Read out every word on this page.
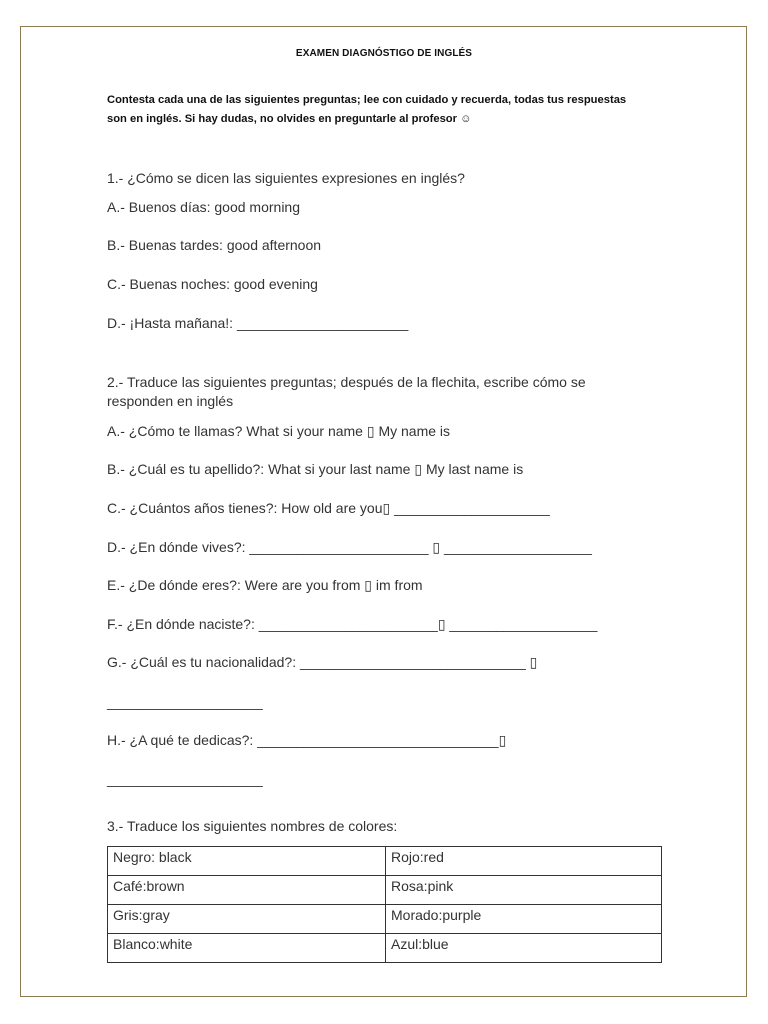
EXAMEN DIAGNÓSTIGO DE INGLÉS
Contesta cada una de las siguientes preguntas; lee con cuidado y recuerda, todas tus respuestas
son en inglés. Si hay dudas, no olvides en preguntarle al profesor ☺
1.- ¿Cómo se dicen las siguientes expresiones en inglés?
A.- Buenos días: good morning
B.- Buenas tardes: good afternoon
C.- Buenas noches: good evening
D.- ¡Hasta mañana!: ______________________
2.- Traduce las siguientes preguntas; después de la flechita, escribe cómo se
responden en inglés
A.- ¿Cómo te llamas? What si your name ▯ My name is
B.- ¿Cuál es tu apellido?: What si your last name ▯ My last name is
C.- ¿Cuántos años tienes?: How old are you▯ ____________________
D.- ¿En dónde vives?: _______________________ ▯ ___________________
E.- ¿De dónde eres?: Were are you from ▯ im from
F.- ¿En dónde naciste?: _______________________▯ ___________________
G.- ¿Cuál es tu nacionalidad?: _____________________________ ▯
____________________
H.- ¿A qué te dedicas?: _______________________________▯
____________________
3.- Traduce los siguientes nombres de colores:
Negro: black	Rojo:red
Café:brown	Rosa:pink
Gris:gray	Morado:purple
Blanco:white	Azul:blue
